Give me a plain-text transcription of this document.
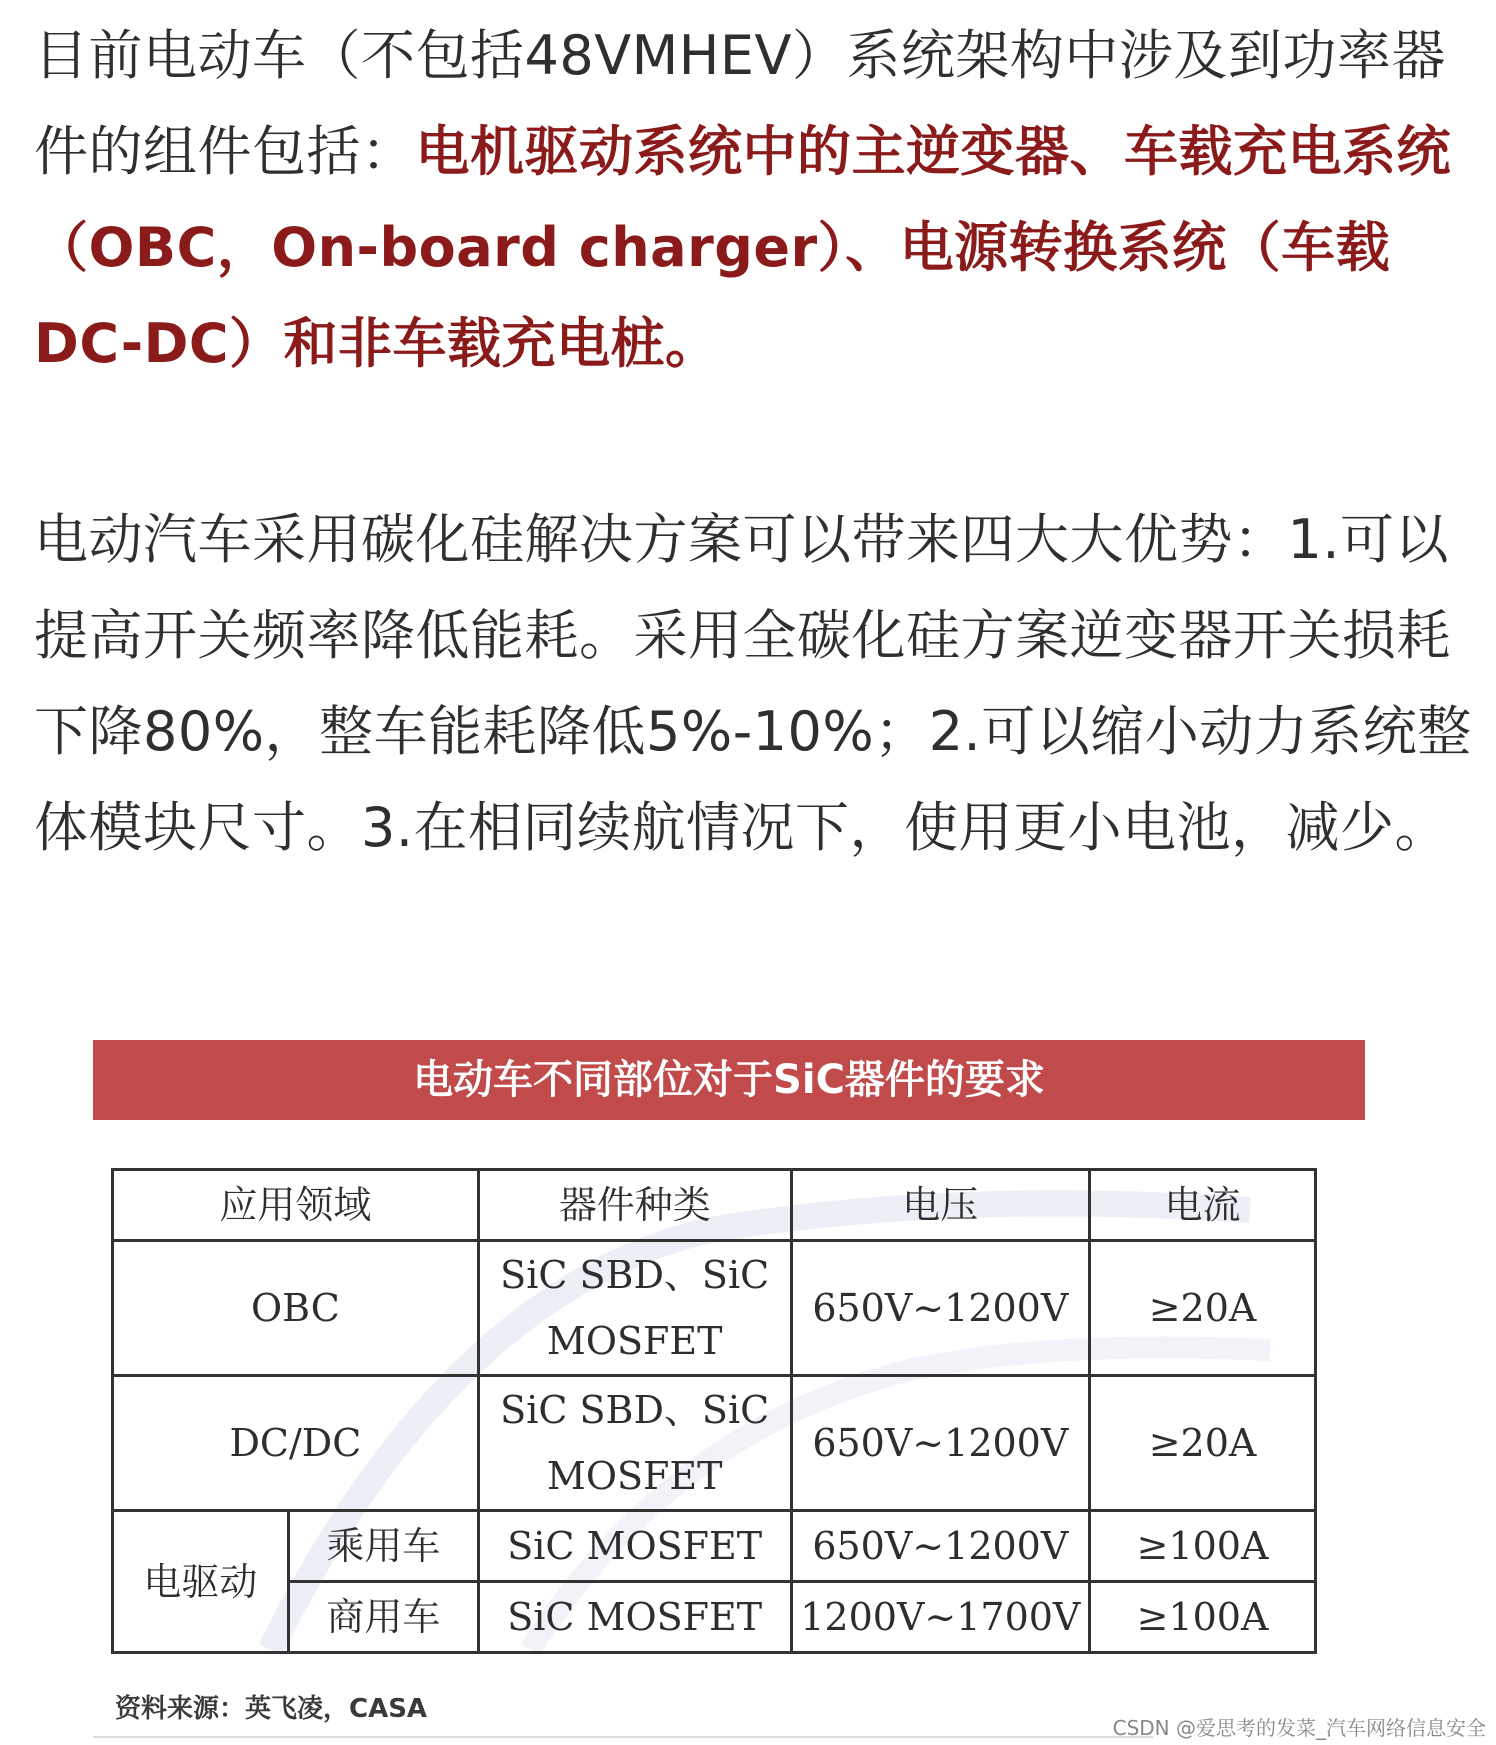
目前电动车（不包括48VMHEV）系统架构中涉及到功率器件的组件包括：电机驱动系统中的主逆变器、车载充电系统（OBC，On-board charger）、电源转换系统（车载DC-DC）和非车载充电桩。

电动汽车采用碳化硅解决方案可以带来四大大优势：1.可以提高开关频率降低能耗。采用全碳化硅方案逆变器开关损耗下降80%，整车能耗降低5%-10%；2.可以缩小动力系统整体模块尺寸。3.在相同续航情况下，使用更小电池，减少。

电动车不同部位对于SiC器件的要求
应用领域		器件种类	电压	电流
OBC		SiC SBD、SiC MOSFET	650V~1200V	≥20A
DC/DC		SiC SBD、SiC MOSFET	650V~1200V	≥20A
电驱动	乘用车	SiC MOSFET	650V~1200V	≥100A
	商用车	SiC MOSFET	1200V~1700V	≥100A
资料来源：英飞凌，CASA
CSDN @爱思考的发菜_汽车网络信息安全
